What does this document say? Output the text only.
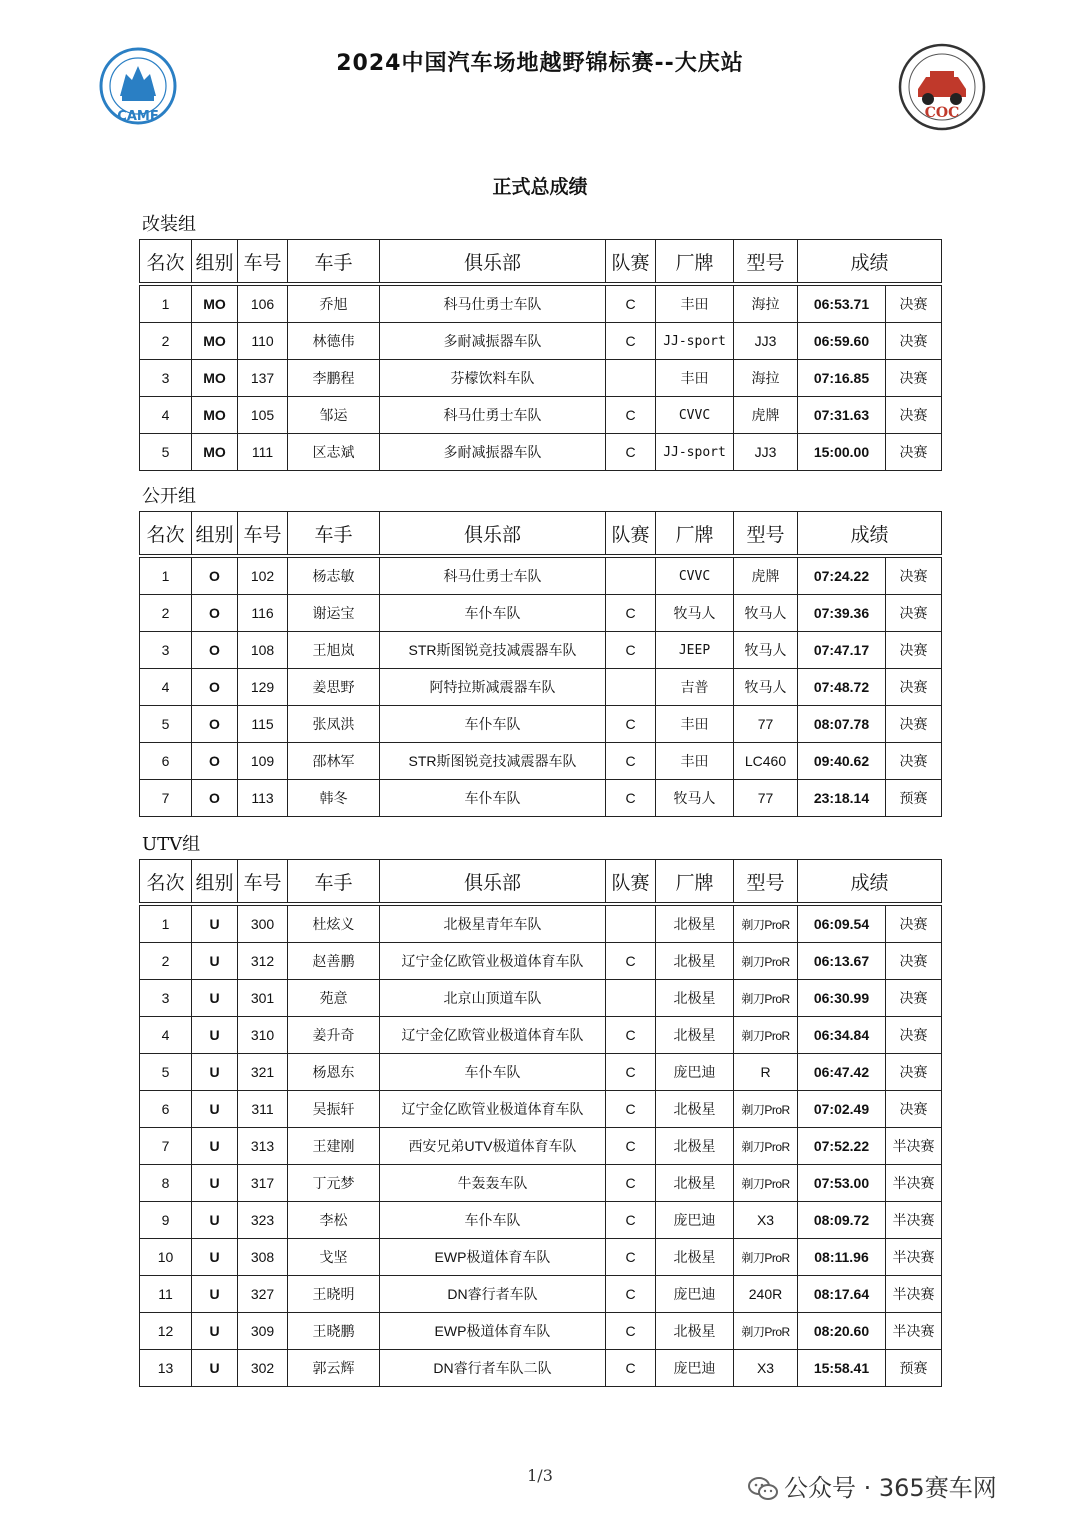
CAMF	COC
2024中国汽车场地越野锦标赛--大庆站
正式总成绩
改装组
公开组
UTV组
名次	组别	车号	车手	俱乐部	队赛	厂牌	型号	成绩	
1	MO	106	乔旭	科马仕勇士车队	C	丰田	海拉	06:53.71	决赛
2	MO	110	林德伟	多耐减振器车队	C	JJ-sport	JJ3	06:59.60	决赛
3	MO	137	李鹏程	芬檬饮料车队		丰田	海拉	07:16.85	决赛
4	MO	105	邹运	科马仕勇士车队	C	CVVC	虎牌	07:31.63	决赛
5	MO	111	区志斌	多耐减振器车队	C	JJ-sport	JJ3	15:00.00	决赛
名次	组别	车号	车手	俱乐部	队赛	厂牌	型号	成绩	
1	O	102	杨志敏	科马仕勇士车队		CVVC	虎牌	07:24.22	决赛
2	O	116	谢运宝	车仆车队	C	牧马人	牧马人	07:39.36	决赛
3	O	108	王旭岚	STR斯图锐竞技减震器车队	C	JEEP	牧马人	07:47.17	决赛
4	O	129	姜思野	阿特拉斯减震器车队		吉普	牧马人	07:48.72	决赛
5	O	115	张凤洪	车仆车队	C	丰田	77	08:07.78	决赛
6	O	109	邵林军	STR斯图锐竞技减震器车队	C	丰田	LC460	09:40.62	决赛
7	O	113	韩冬	车仆车队	C	牧马人	77	23:18.14	预赛
名次	组别	车号	车手	俱乐部	队赛	厂牌	型号	成绩	
1	U	300	杜炫义	北极星青年车队		北极星	剃刀ProR	06:09.54	决赛
2	U	312	赵善鹏	辽宁金亿欧管业极道体育车队	C	北极星	剃刀ProR	06:13.67	决赛
3	U	301	苑意	北京山顶道车队		北极星	剃刀ProR	06:30.99	决赛
4	U	310	姜升奇	辽宁金亿欧管业极道体育车队	C	北极星	剃刀ProR	06:34.84	决赛
5	U	321	杨恩东	车仆车队	C	庞巴迪	R	06:47.42	决赛
6	U	311	吴振轩	辽宁金亿欧管业极道体育车队	C	北极星	剃刀ProR	07:02.49	决赛
7	U	313	王建刚	西安兄弟UTV极道体育车队	C	北极星	剃刀ProR	07:52.22	半决赛
8	U	317	丁元梦	牛轰轰车队	C	北极星	剃刀ProR	07:53.00	半决赛
9	U	323	李松	车仆车队	C	庞巴迪	X3	08:09.72	半决赛
10	U	308	戈坚	EWP极道体育车队	C	北极星	剃刀ProR	08:11.96	半决赛
11	U	327	王晓明	DN睿行者车队	C	庞巴迪	240R	08:17.64	半决赛
12	U	309	王晓鹏	EWP极道体育车队	C	北极星	剃刀ProR	08:20.60	半决赛
13	U	302	郭云辉	DN睿行者车队二队	C	庞巴迪	X3	15:58.41	预赛
1/3	公众号 · 365赛车网
